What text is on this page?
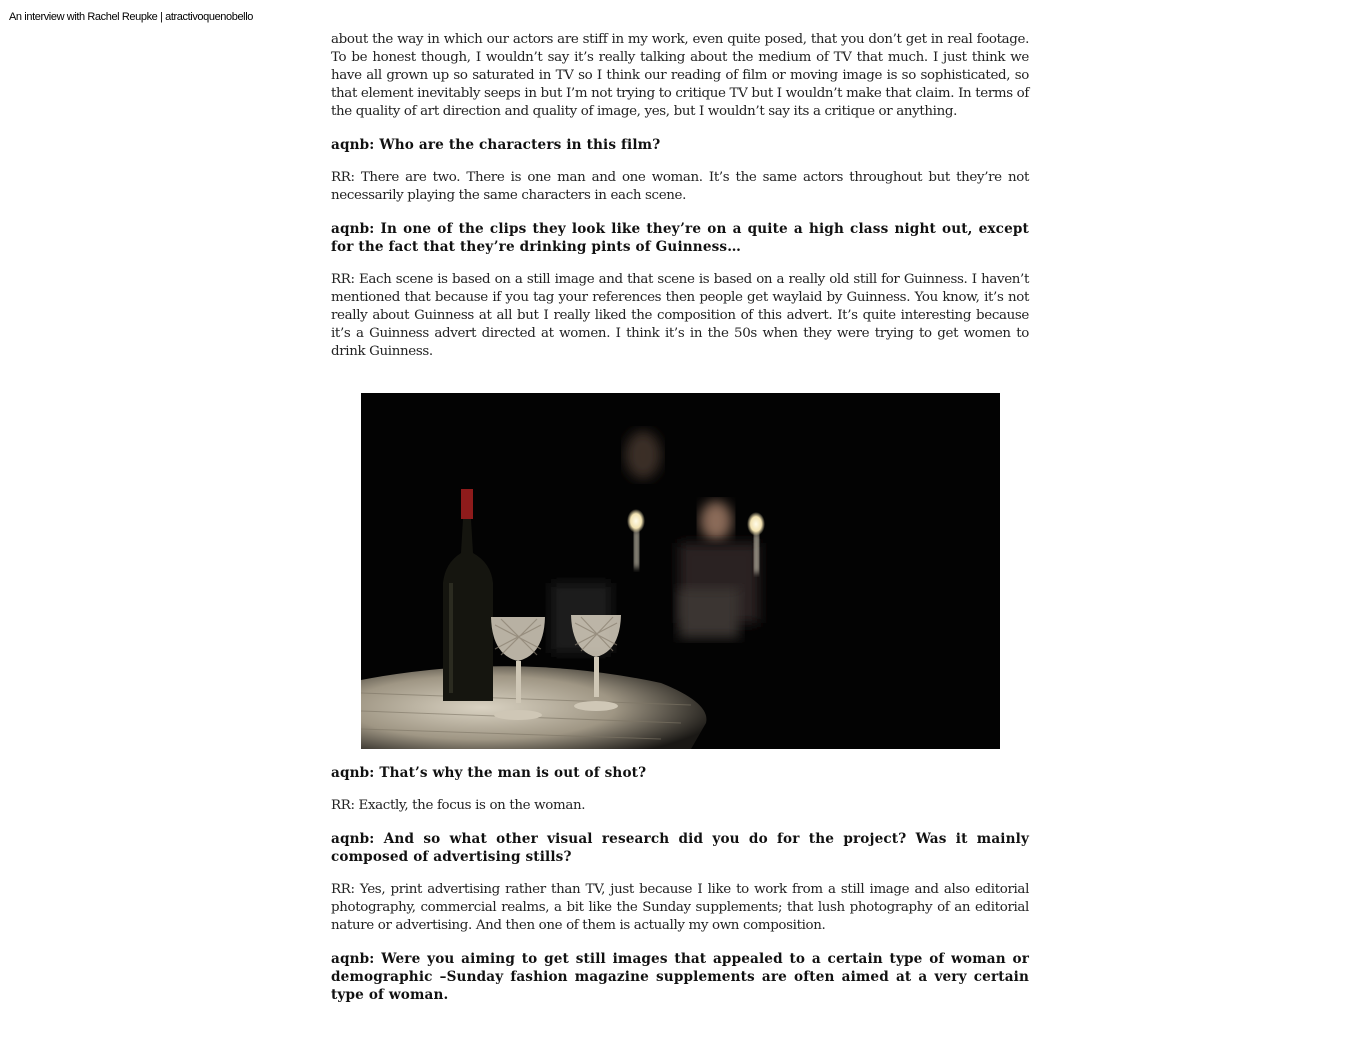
An interview with Rachel Reupke | atractivoquenobello

about the way in which our actors are stiff in my work, even quite posed, that you don’t get in real footage. To be honest though, I wouldn’t say it’s really talking about the medium of TV that much. I just think we have all grown up so saturated in TV so I think our reading of film or moving image is so sophisticated, so that element inevitably seeps in but I’m not trying to critique TV but I wouldn’t make that claim. In terms of the quality of art direction and quality of image, yes, but I wouldn’t say its a critique or anything.

aqnb: Who are the characters in this film?

RR: There are two. There is one man and one woman. It’s the same actors throughout but they’re not necessarily playing the same characters in each scene.

aqnb: In one of the clips they look like they’re on a quite a high class night out, except for the fact that they’re drinking pints of Guinness…

RR: Each scene is based on a still image and that scene is based on a really old still for Guinness. I haven’t mentioned that because if you tag your references then people get waylaid by Guinness. You know, it’s not really about Guinness at all but I really liked the composition of this advert. It’s quite interesting because it’s a Guinness advert directed at women. I think it’s in the 50s when they were trying to get women to drink Guinness.

aqnb: That’s why the man is out of shot?

RR: Exactly, the focus is on the woman.

aqnb: And so what other visual research did you do for the project? Was it mainly composed of advertising stills?

RR: Yes, print advertising rather than TV, just because I like to work from a still image and also editorial photography, commercial realms, a bit like the Sunday supplements; that lush photography of an editorial nature or advertising. And then one of them is actually my own composition.

aqnb: Were you aiming to get still images that appealed to a certain type of woman or demographic –Sunday fashion magazine supplements are often aimed at a very certain type of woman.
